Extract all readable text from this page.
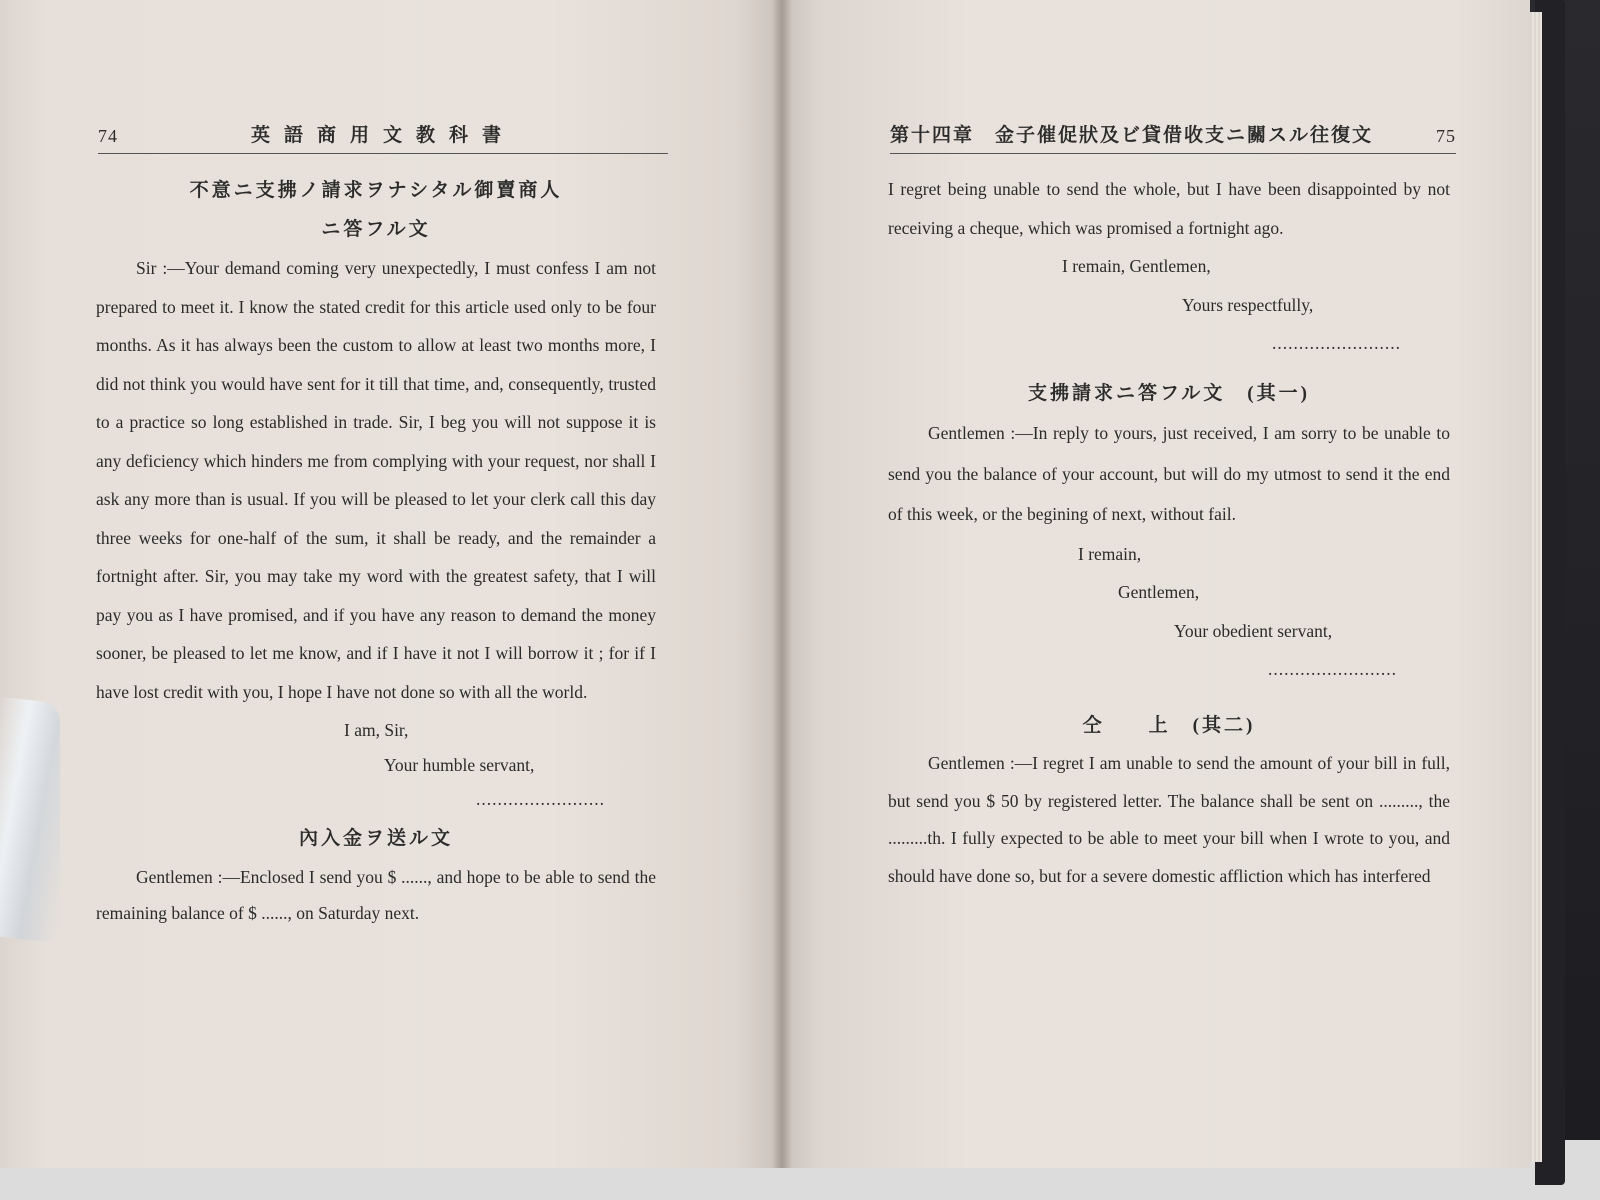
74	英語商用文教科書

不意ニ支拂ノ請求ヲナシタル御賣商人

ニ答フル文

Sir :—Your demand coming very unexpectedly, I must confess I am not prepared to meet it. I know the stated credit for this article used only to be four months. As it has always been the custom to allow at least two months more, I did not think you would have sent for it till that time, and, consequently, trusted to a practice so long established in trade. Sir, I beg you will not suppose it is any deficiency which hinders me from complying with your request, nor shall I ask any more than is usual. If you will be pleased to let your clerk call this day three weeks for one-half of the sum, it shall be ready, and the remainder a fortnight after. Sir, you may take my word with the greatest safety, that I will pay you as I have promised, and if you have any reason to demand the money sooner, be pleased to let me know, and if I have it not I will borrow it ; for if I have lost credit with you, I hope I have not done so with all the world.

I am, Sir,

Your humble servant,

........................

內入金ヲ送ル文

Gentlemen :—Enclosed I send you $ ......, and hope to be able to send the remaining balance of $ ......, on Saturday next.

第十四章　金子催促狀及ビ貸借收支ニ關スル往復文	75

I regret being unable to send the whole, but I have been disappointed by not receiving a cheque, which was promised a fortnight ago.

I remain, Gentlemen,

Yours respectfully,

........................

支拂請求ニ答フル文　(其一)

Gentlemen :—In reply to yours, just received, I am sorry to be unable to send you the balance of your account, but will do my utmost to send it the end of this week, or the begining of next, without fail.

I remain,

Gentlemen,

Your obedient servant,

........................

仝　　上　(其二)

Gentlemen :—I regret I am unable to send the amount of your bill in full, but send you $ 50 by registered letter. The balance shall be sent on ........., the .........th. I fully expected to be able to meet your bill when I wrote to you, and should have done so, but for a severe domestic affliction which has interfered
